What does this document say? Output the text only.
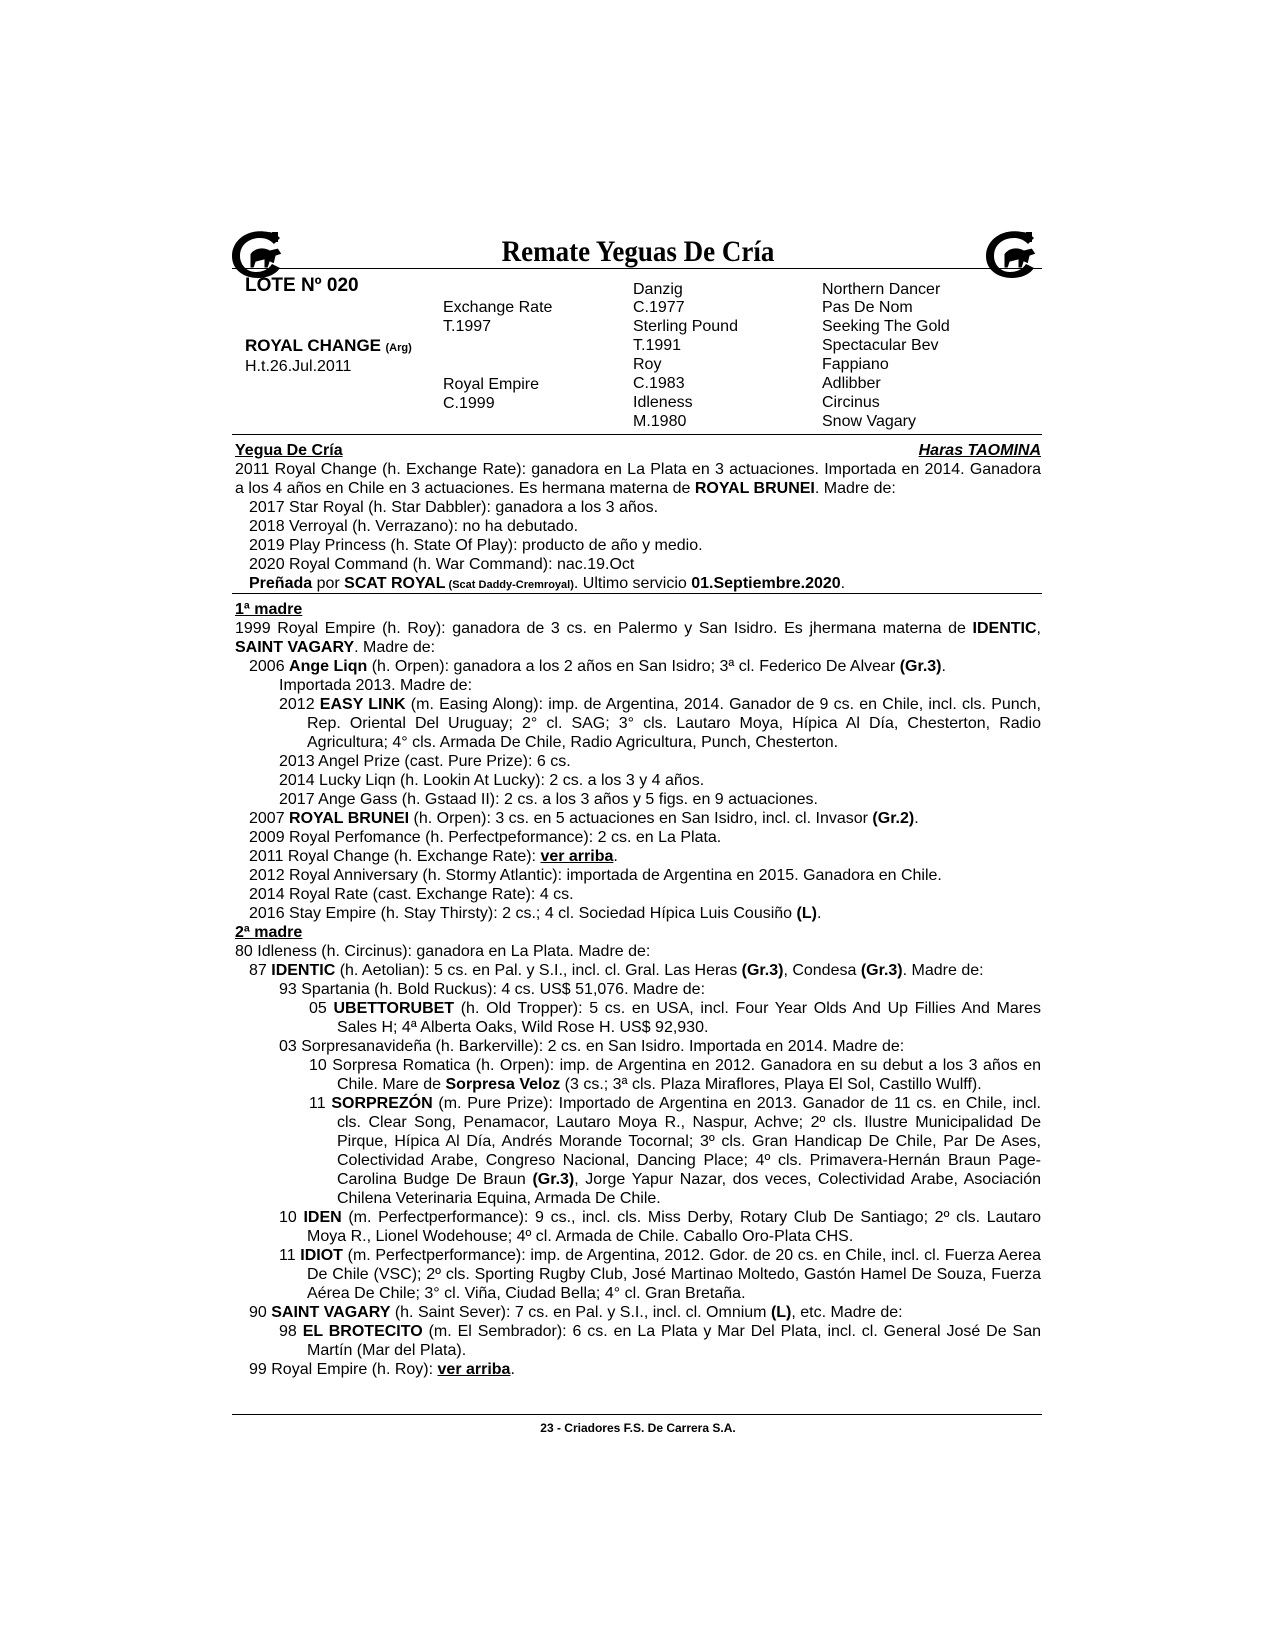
Remate Yeguas De Cría
LOTE Nº 020
ROYAL CHANGE (Arg)
H.t.26.Jul.2011
Exchange Rate
T.1997
Royal Empire
C.1999
Danzig
C.1977
Sterling Pound
T.1991
Roy
C.1983
Idleness
M.1980
Northern Dancer
Pas De Nom
Seeking The Gold
Spectacular Bev
Fappiano
Adlibber
Circinus
Snow Vagary

Yegua De Cría	Haras TAOMINA

2011 Royal Change (h. Exchange Rate): ganadora en La Plata en 3 actuaciones. Importada en 2014. Ganadora a los 4 años en Chile en 3 actuaciones. Es hermana materna de ROYAL BRUNEI. Madre de:

2017 Star Royal (h. Star Dabbler): ganadora a los 3 años.

2018 Verroyal (h. Verrazano): no ha debutado.

2019 Play Princess (h. State Of Play): producto de año y medio.

2020 Royal Command (h. War Command): nac.19.Oct

Preñada por SCAT ROYAL (Scat Daddy-Cremroyal). Ultimo servicio 01.Septiembre.2020.

1ª madre

1999 Royal Empire (h. Roy): ganadora de 3 cs. en Palermo y San Isidro. Es jhermana materna de IDENTIC, SAINT VAGARY. Madre de:

2006 Ange Liqn (h. Orpen): ganadora a los 2 años en San Isidro; 3ª cl. Federico De Alvear (Gr.3).

Importada 2013. Madre de:

2012 EASY LINK (m. Easing Along): imp. de Argentina, 2014. Ganador de 9 cs. en Chile, incl. cls. Punch, Rep. Oriental Del Uruguay; 2° cl. SAG; 3° cls. Lautaro Moya, Hípica Al Día, Chesterton, Radio Agricultura; 4° cls. Armada De Chile, Radio Agricultura, Punch, Chesterton.

2013 Angel Prize (cast. Pure Prize): 6 cs.

2014 Lucky Liqn (h. Lookin At Lucky): 2 cs. a los 3 y 4 años.

2017 Ange Gass (h. Gstaad II): 2 cs. a los 3 años y 5 figs. en 9 actuaciones.

2007 ROYAL BRUNEI (h. Orpen): 3 cs. en 5 actuaciones en San Isidro, incl. cl. Invasor (Gr.2).

2009 Royal Perfomance (h. Perfectpeformance): 2 cs. en La Plata.

2011 Royal Change (h. Exchange Rate): ver arriba.

2012 Royal Anniversary (h. Stormy Atlantic): importada de Argentina en 2015. Ganadora en Chile.

2014 Royal Rate (cast. Exchange Rate): 4 cs.

2016 Stay Empire (h. Stay Thirsty): 2 cs.; 4 cl. Sociedad Hípica Luis Cousiño (L).

2ª madre

80 Idleness (h. Circinus): ganadora en La Plata. Madre de:

87 IDENTIC (h. Aetolian): 5 cs. en Pal. y S.I., incl. cl. Gral. Las Heras (Gr.3), Condesa (Gr.3). Madre de:

93 Spartania (h. Bold Ruckus): 4 cs. US$ 51,076. Madre de:

05 UBETTORUBET (h. Old Tropper): 5 cs. en USA, incl. Four Year Olds And Up Fillies And Mares Sales H; 4ª Alberta Oaks, Wild Rose H. US$ 92,930.

03 Sorpresanavideña (h. Barkerville): 2 cs. en San Isidro. Importada en 2014. Madre de:

10 Sorpresa Romatica (h. Orpen): imp. de Argentina en 2012. Ganadora en su debut a los 3 años en Chile. Mare de Sorpresa Veloz (3 cs.; 3ª cls. Plaza Miraflores, Playa El Sol, Castillo Wulff).

11 SORPREZÓN (m. Pure Prize): Importado de Argentina en 2013. Ganador de 11 cs. en Chile, incl. cls. Clear Song, Penamacor, Lautaro Moya R., Naspur, Achve; 2º cls. Ilustre Municipalidad De Pirque, Hípica Al Día, Andrés Morande Tocornal; 3º cls. Gran Handicap De Chile, Par De Ases, Colectividad Arabe, Congreso Nacional, Dancing Place; 4º cls. Primavera-Hernán Braun Page-Carolina Budge De Braun (Gr.3), Jorge Yapur Nazar, dos veces, Colectividad Arabe, Asociación Chilena Veterinaria Equina, Armada De Chile.

10 IDEN (m. Perfectperformance): 9 cs., incl. cls. Miss Derby, Rotary Club De Santiago; 2º cls. Lautaro Moya R., Lionel Wodehouse; 4º cl. Armada de Chile. Caballo Oro-Plata CHS.

11 IDIOT (m. Perfectperformance): imp. de Argentina, 2012. Gdor. de 20 cs. en Chile, incl. cl. Fuerza Aerea De Chile (VSC); 2º cls. Sporting Rugby Club, José Martinao Moltedo, Gastón Hamel De Souza, Fuerza Aérea De Chile; 3° cl. Viña, Ciudad Bella; 4° cl. Gran Bretaña.

90 SAINT VAGARY (h. Saint Sever): 7 cs. en Pal. y S.I., incl. cl. Omnium (L), etc. Madre de:

98 EL BROTECITO (m. El Sembrador): 6 cs. en La Plata y Mar Del Plata, incl. cl. General José De San Martín (Mar del Plata).

99 Royal Empire (h. Roy): ver arriba.

23 - Criadores F.S. De Carrera S.A.
